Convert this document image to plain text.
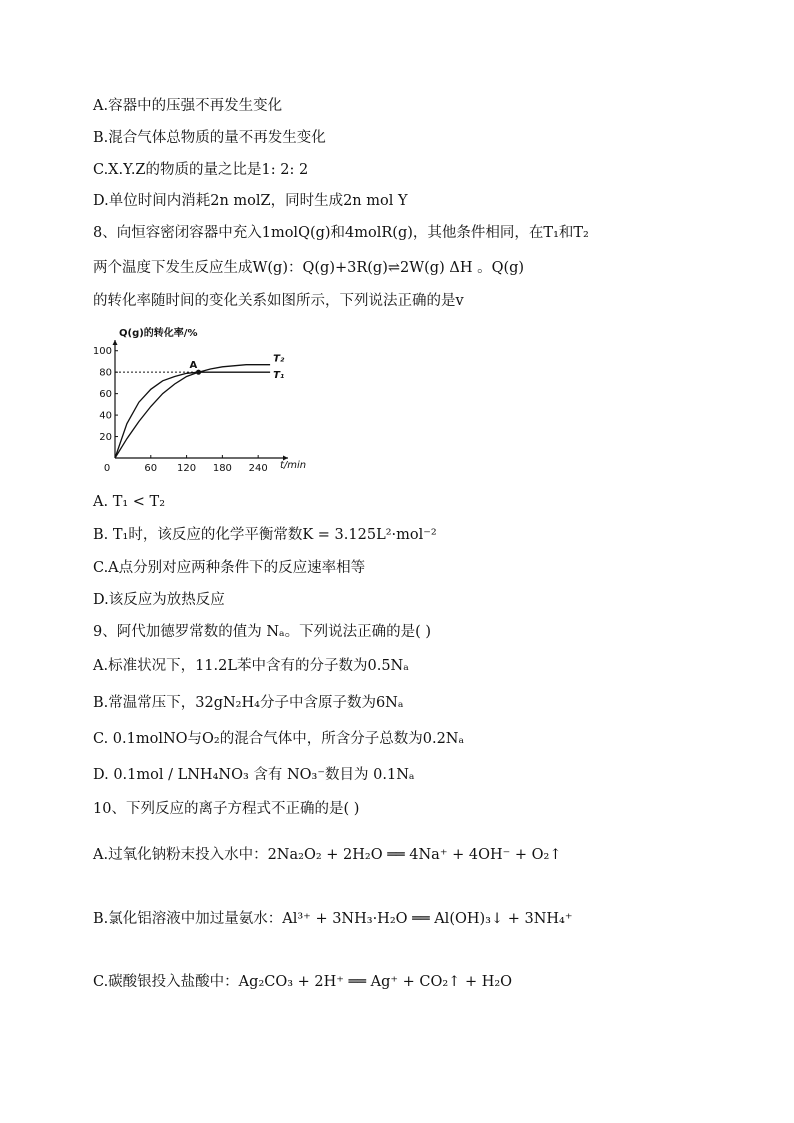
A.容器中的压强不再发生变化
B.混合气体总物质的量不再发生变化
C.X.Y.Z的物质的量之比是1: 2: 2
D.单位时间内消耗2n molZ，同时生成2n mol Y
8、向恒容密闭容器中充入1molQ(g)和4molR(g)，其他条件相同，在T₁和T₂
两个温度下发生反应生成W(g)：Q(g)+3R(g)⇌2W(g) ΔH 。Q(g)
的转化率随时间的变化关系如图所示，下列说法正确的是v
20
40
60
80
100
60 120 180 240
0	t/min
Q(g)的转化率/%
T₁
T₂
A
A. T₁ < T₂
B. T₁时，该反应的化学平衡常数K = 3.125L²·mol⁻²
C.A点分别对应两种条件下的反应速率相等
D.该反应为放热反应
9、阿代加德罗常数的值为 Nₐ。下列说法正确的是( )
A.标准状况下，11.2L苯中含有的分子数为0.5Nₐ
B.常温常压下，32gN₂H₄分子中含原子数为6Nₐ
C. 0.1molNO与O₂的混合气体中，所含分子总数为0.2Nₐ
D. 0.1mol / LNH₄NO₃ 含有 NO₃⁻数目为 0.1Nₐ
10、下列反应的离子方程式不正确的是( )
A.过氧化钠粉末投入水中：2Na₂O₂ + 2H₂O ══ 4Na⁺ + 4OH⁻ + O₂↑
B.氯化铝溶液中加过量氨水：Al³⁺ + 3NH₃·H₂O ══ Al(OH)₃↓ + 3NH₄⁺
C.碳酸银投入盐酸中：Ag₂CO₃ + 2H⁺ ══ Ag⁺ + CO₂↑ + H₂O
